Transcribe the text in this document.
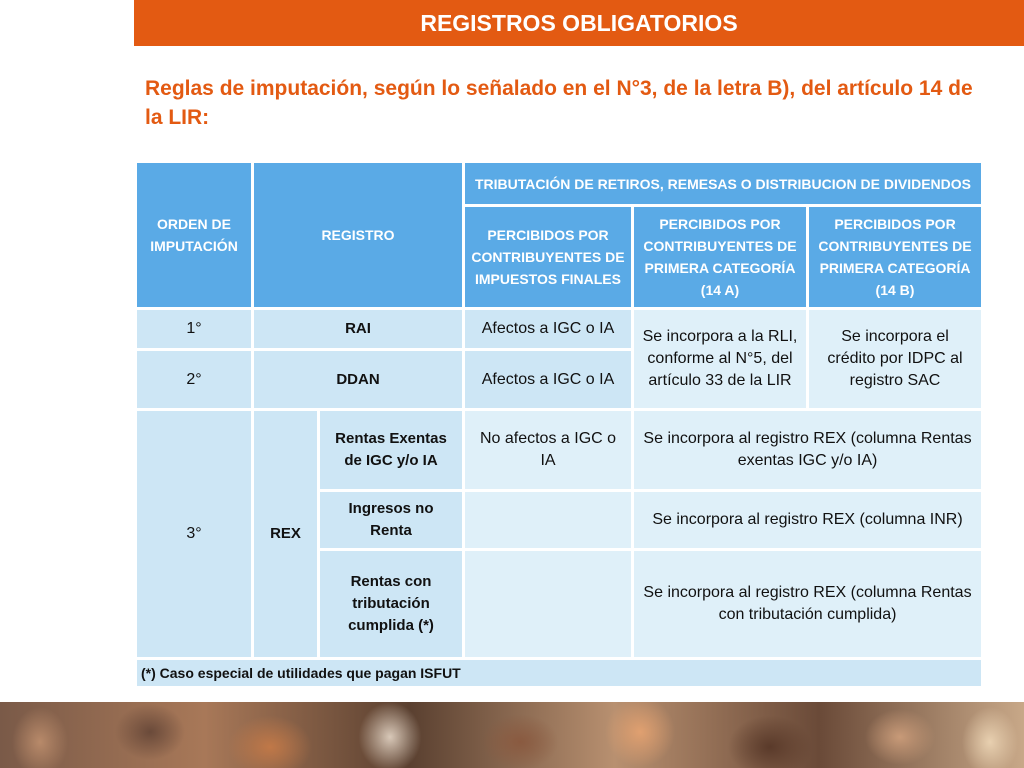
REGISTROS OBLIGATORIOS
Reglas de imputación, según lo señalado en el N°3, de la letra B), del artículo 14 de la LIR:
ORDEN DE IMPUTACIÓN	REGISTRO		TRIBUTACIÓN DE RETIROS, REMESAS O DISTRIBUCION DE DIVIDENDOS		
			PERCIBIDOS POR CONTRIBUYENTES DE IMPUESTOS FINALES	PERCIBIDOS POR CONTRIBUYENTES DE PRIMERA CATEGORÍA (14 A)	PERCIBIDOS POR CONTRIBUYENTES DE PRIMERA CATEGORÍA (14 B)
1°	RAI		Afectos a IGC o IA	Se incorpora a la RLI, conforme al N°5, del artículo 33 de la LIR	Se incorpora el crédito por IDPC al registro SAC
2°	DDAN		Afectos a IGC o IA		
3°	REX	Rentas Exentas de IGC y/o IA	No afectos a IGC o IA	Se incorpora al registro REX (columna Rentas exentas IGC y/o IA)	
		Ingresos no Renta		Se incorpora al registro REX (columna INR)	
		Rentas con tributación cumplida (*)		Se incorpora al registro REX (columna Rentas con tributación cumplida)	
(*) Caso especial de utilidades que pagan ISFUT					
